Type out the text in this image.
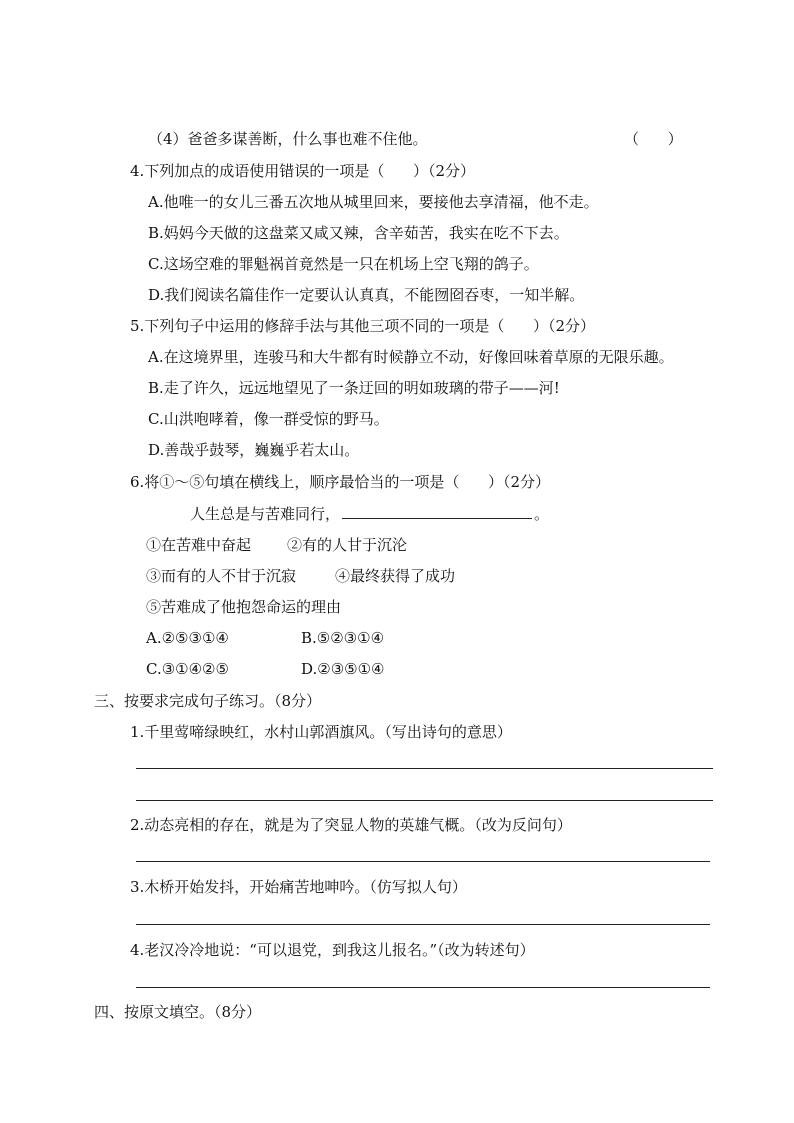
（4）爸爸多谋善断，什么事也难不住他。	（      ）
4.下列加点的成语使用错误的一项是（ ）（2分）
A.他唯一的女儿三番五次地从城里回来，要接他去享清福，他不走。
B.妈妈今天做的这盘菜又咸又辣，含辛茹苦，我实在吃不下去。
C.这场空难的罪魁祸首竟然是一只在机场上空飞翔的鸽子。
D.我们阅读名篇佳作一定要认认真真，不能囫囵吞枣，一知半解。
5.下列句子中运用的修辞手法与其他三项不同的一项是（ ）（2分）
A.在这境界里，连骏马和大牛都有时候静立不动，好像回味着草原的无限乐趣。
B.走了许久，远远地望见了一条迂回的明如玻璃的带子——河!
C.山洪咆哮着，像一群受惊的野马。
D.善哉乎鼓琴，巍巍乎若太山。
6.将①～⑤句填在横线上，顺序最恰当的一项是（ ）（2分）
人生总是与苦难同行，	。
①在苦难中奋起 ②有的人甘于沉沦
③而有的人不甘于沉寂	④最终获得了成功
⑤苦难成了他抱怨命运的理由
A.②⑤③①④	B.⑤②③①④
C.③①④②⑤	D.②③⑤①④
三、按要求完成句子练习。（8分）
1.千里莺啼绿映红，水村山郭酒旗风。（写出诗句的意思）
2.动态亮相的存在，就是为了突显人物的英雄气概。（改为反问句）
3.木桥开始发抖，开始痛苦地呻吟。（仿写拟人句）
4.老汉冷冷地说：“可以退党，到我这儿报名。”（改为转述句）
四、按原文填空。（8分）
